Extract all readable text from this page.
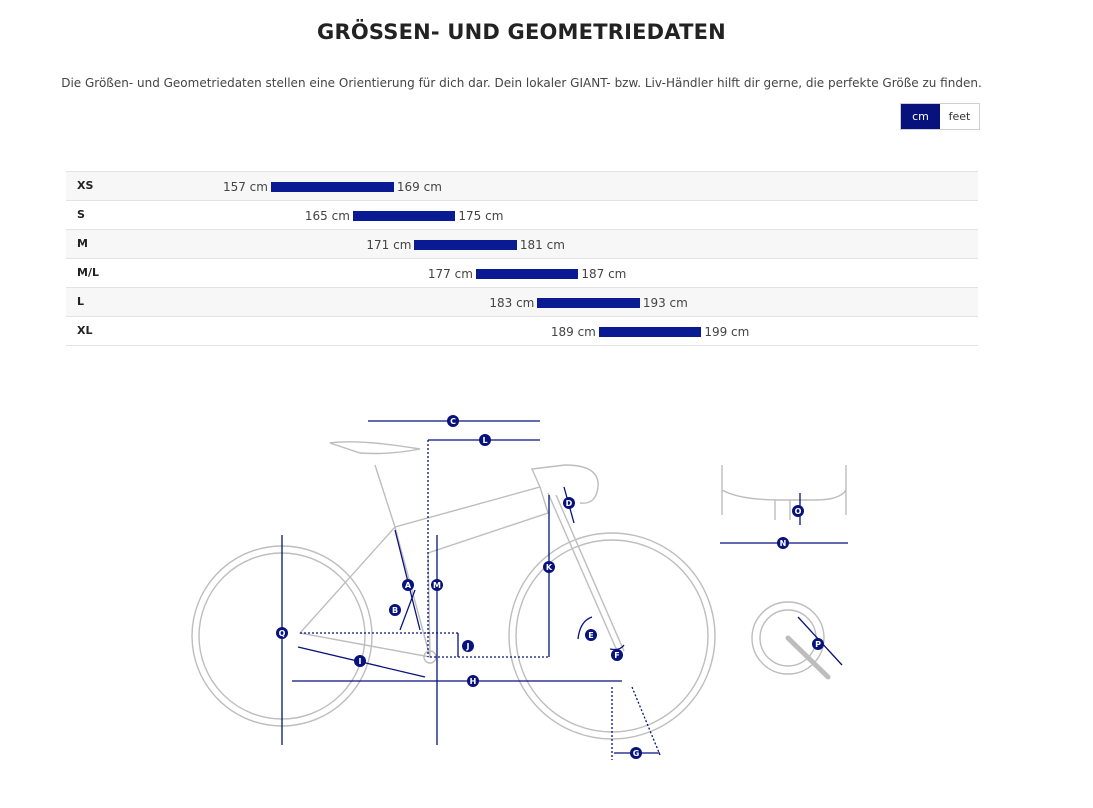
GRÖSSEN- UND GEOMETRIEDATEN
Die Größen- und Geometriedaten stellen eine Orientierung für dich dar. Dein lokaler GIANT- bzw. Liv-Händler hilft dir gerne, die perfekte Größe zu finden.
cm	feet
XS	157 cm	169 cm
S	165 cm	175 cm
M	171 cm	181 cm
M/L	177 cm	187 cm
L	183 cm	193 cm
XL	189 cm	199 cm
A
B
C
D
E
F
G
H
I
J
K
L
M
N
O
P
Q
